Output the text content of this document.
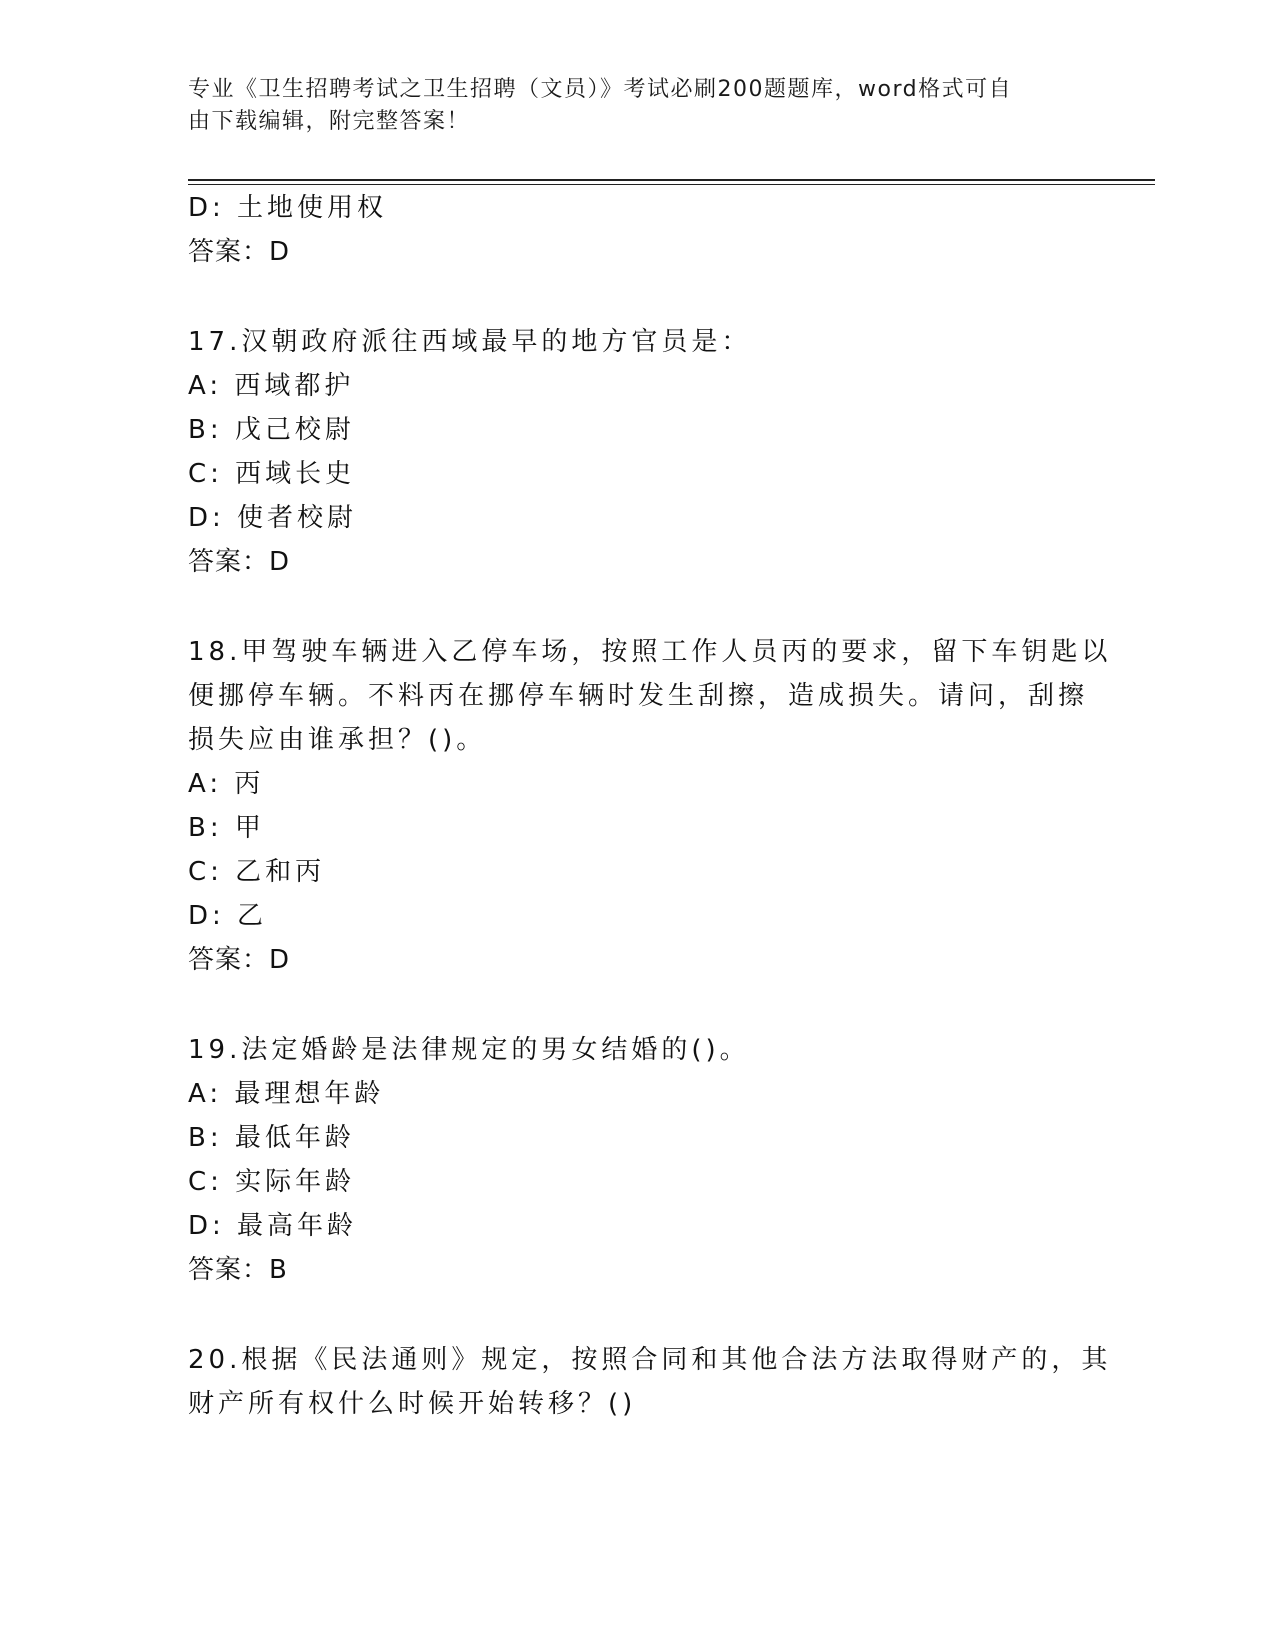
专业《卫生招聘考试之卫生招聘（文员）》考试必刷200题题库，word格式可自
由下载编辑，附完整答案！
D: 土地使用权
答案：D
17.汉朝政府派往西域最早的地方官员是：
A: 西域都护
B: 戊己校尉
C: 西域长史
D: 使者校尉
答案：D
18.甲驾驶车辆进入乙停车场，按照工作人员丙的要求，留下车钥匙以
便挪停车辆。不料丙在挪停车辆时发生刮擦，造成损失。请问，刮擦
损失应由谁承担？()。
A: 丙
B: 甲
C: 乙和丙
D: 乙
答案：D
19.法定婚龄是法律规定的男女结婚的()。
A: 最理想年龄
B: 最低年龄
C: 实际年龄
D: 最高年龄
答案：B
20.根据《民法通则》规定，按照合同和其他合法方法取得财产的，其
财产所有权什么时候开始转移？()
